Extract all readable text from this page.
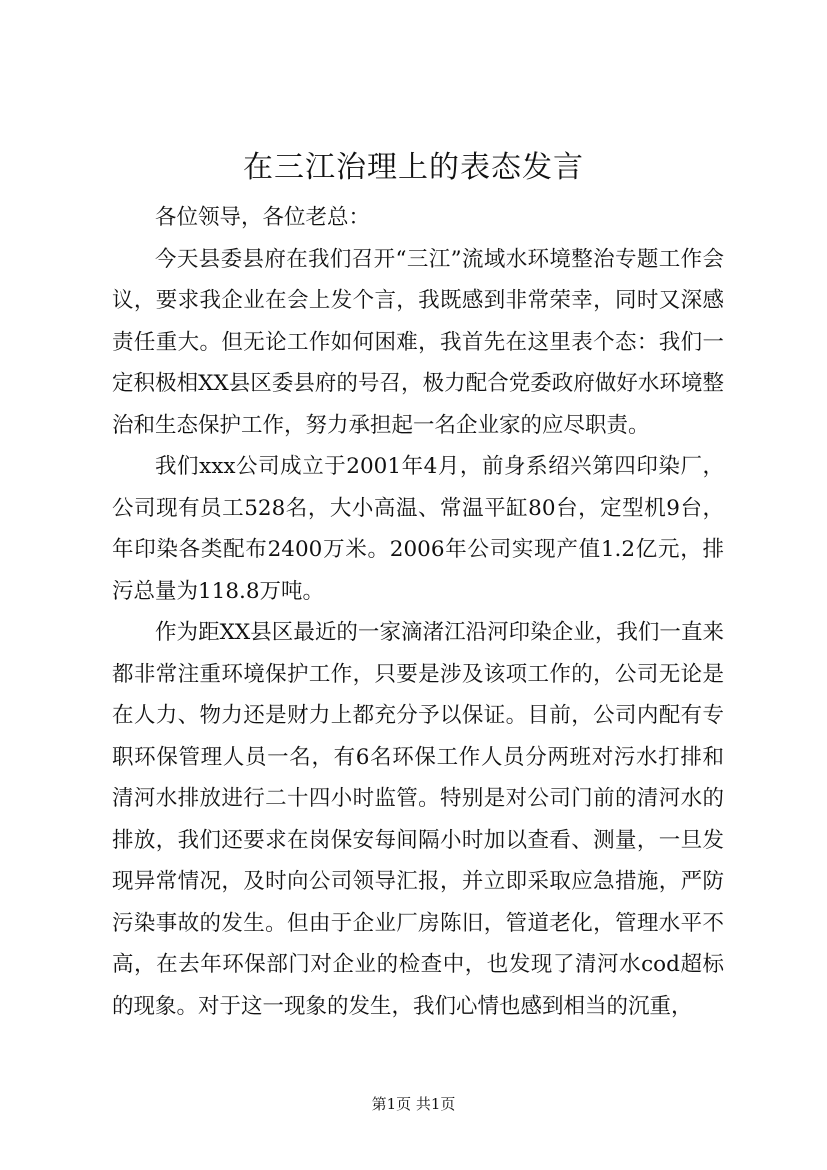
在三江治理上的表态发言

各位领导，各位老总：

今天县委县府在我们召开“三江”流域水环境整治专题工作会议，要求我企业在会上发个言，我既感到非常荣幸，同时又深感责任重大。但无论工作如何困难，我首先在这里表个态：我们一定积极相XX县区委县府的号召，极力配合党委政府做好水环境整治和生态保护工作，努力承担起一名企业家的应尽职责。

我们xxx公司成立于2001年4月，前身系绍兴第四印染厂，公司现有员工528名，大小高温、常温平缸80台，定型机9台，年印染各类配布2400万米。2006年公司实现产值1.2亿元，排污总量为118.8万吨。

作为距XX县区最近的一家滴渚江沿河印染企业，我们一直来都非常注重环境保护工作，只要是涉及该项工作的，公司无论是在人力、物力还是财力上都充分予以保证。目前，公司内配有专职环保管理人员一名，有6名环保工作人员分两班对污水打排和清河水排放进行二十四小时监管。特别是对公司门前的清河水的排放，我们还要求在岗保安每间隔小时加以查看、测量，一旦发现异常情况，及时向公司领导汇报，并立即采取应急措施，严防污染事故的发生。但由于企业厂房陈旧，管道老化，管理水平不高，在去年环保部门对企业的检查中，也发现了清河水cod超标的现象。对于这一现象的发生，我们心情也感到相当的沉重，

第1页 共1页
